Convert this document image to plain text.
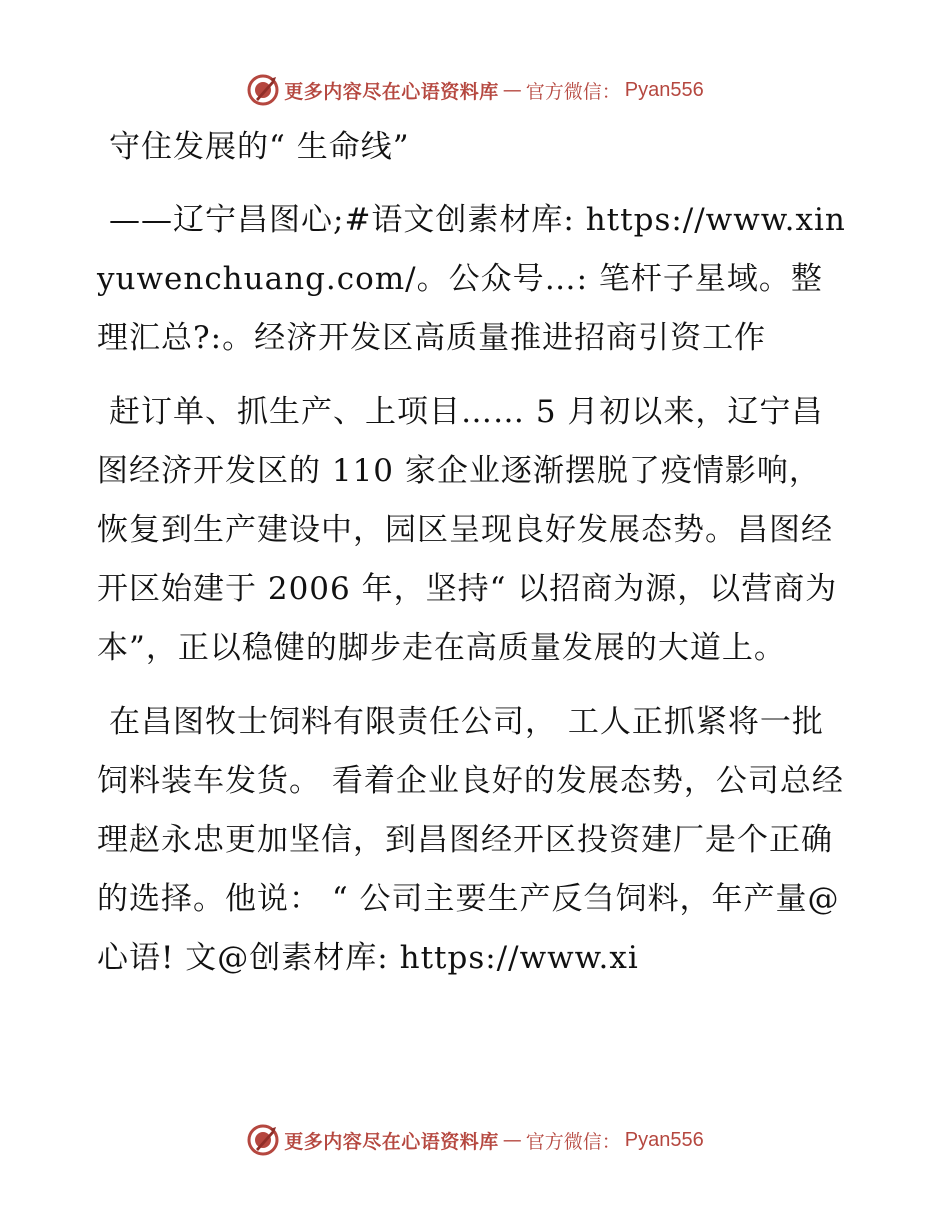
更多内容尽在心语资料库 — 官方微信： Pyan556

守住发展的“ 生命线”

——辽宁昌图心;#语文创素材库: https://www.xinyuwenchuang.com/。公众号…: 笔杆子星域。整理汇总?:。经济开发区高质量推进招商引资工作

赶订单、抓生产、上项目…… 5 月初以来，辽宁昌图经济开发区的 110 家企业逐渐摆脱了疫情影响，恢复到生产建设中，园区呈现良好发展态势。昌图经开区始建于 2006 年，坚持“ 以招商为源，以营商为本”，正以稳健的脚步走在高质量发展的大道上。

在昌图牧士饲料有限责任公司， 工人正抓紧将一批饲料装车发货。 看着企业良好的发展态势，公司总经理赵永忠更加坚信，到昌图经开区投资建厂是个正确的选择。他说： “ 公司主要生产反刍饲料，年产量@心语! 文@创素材库: https://www.xi

更多内容尽在心语资料库 — 官方微信： Pyan556
